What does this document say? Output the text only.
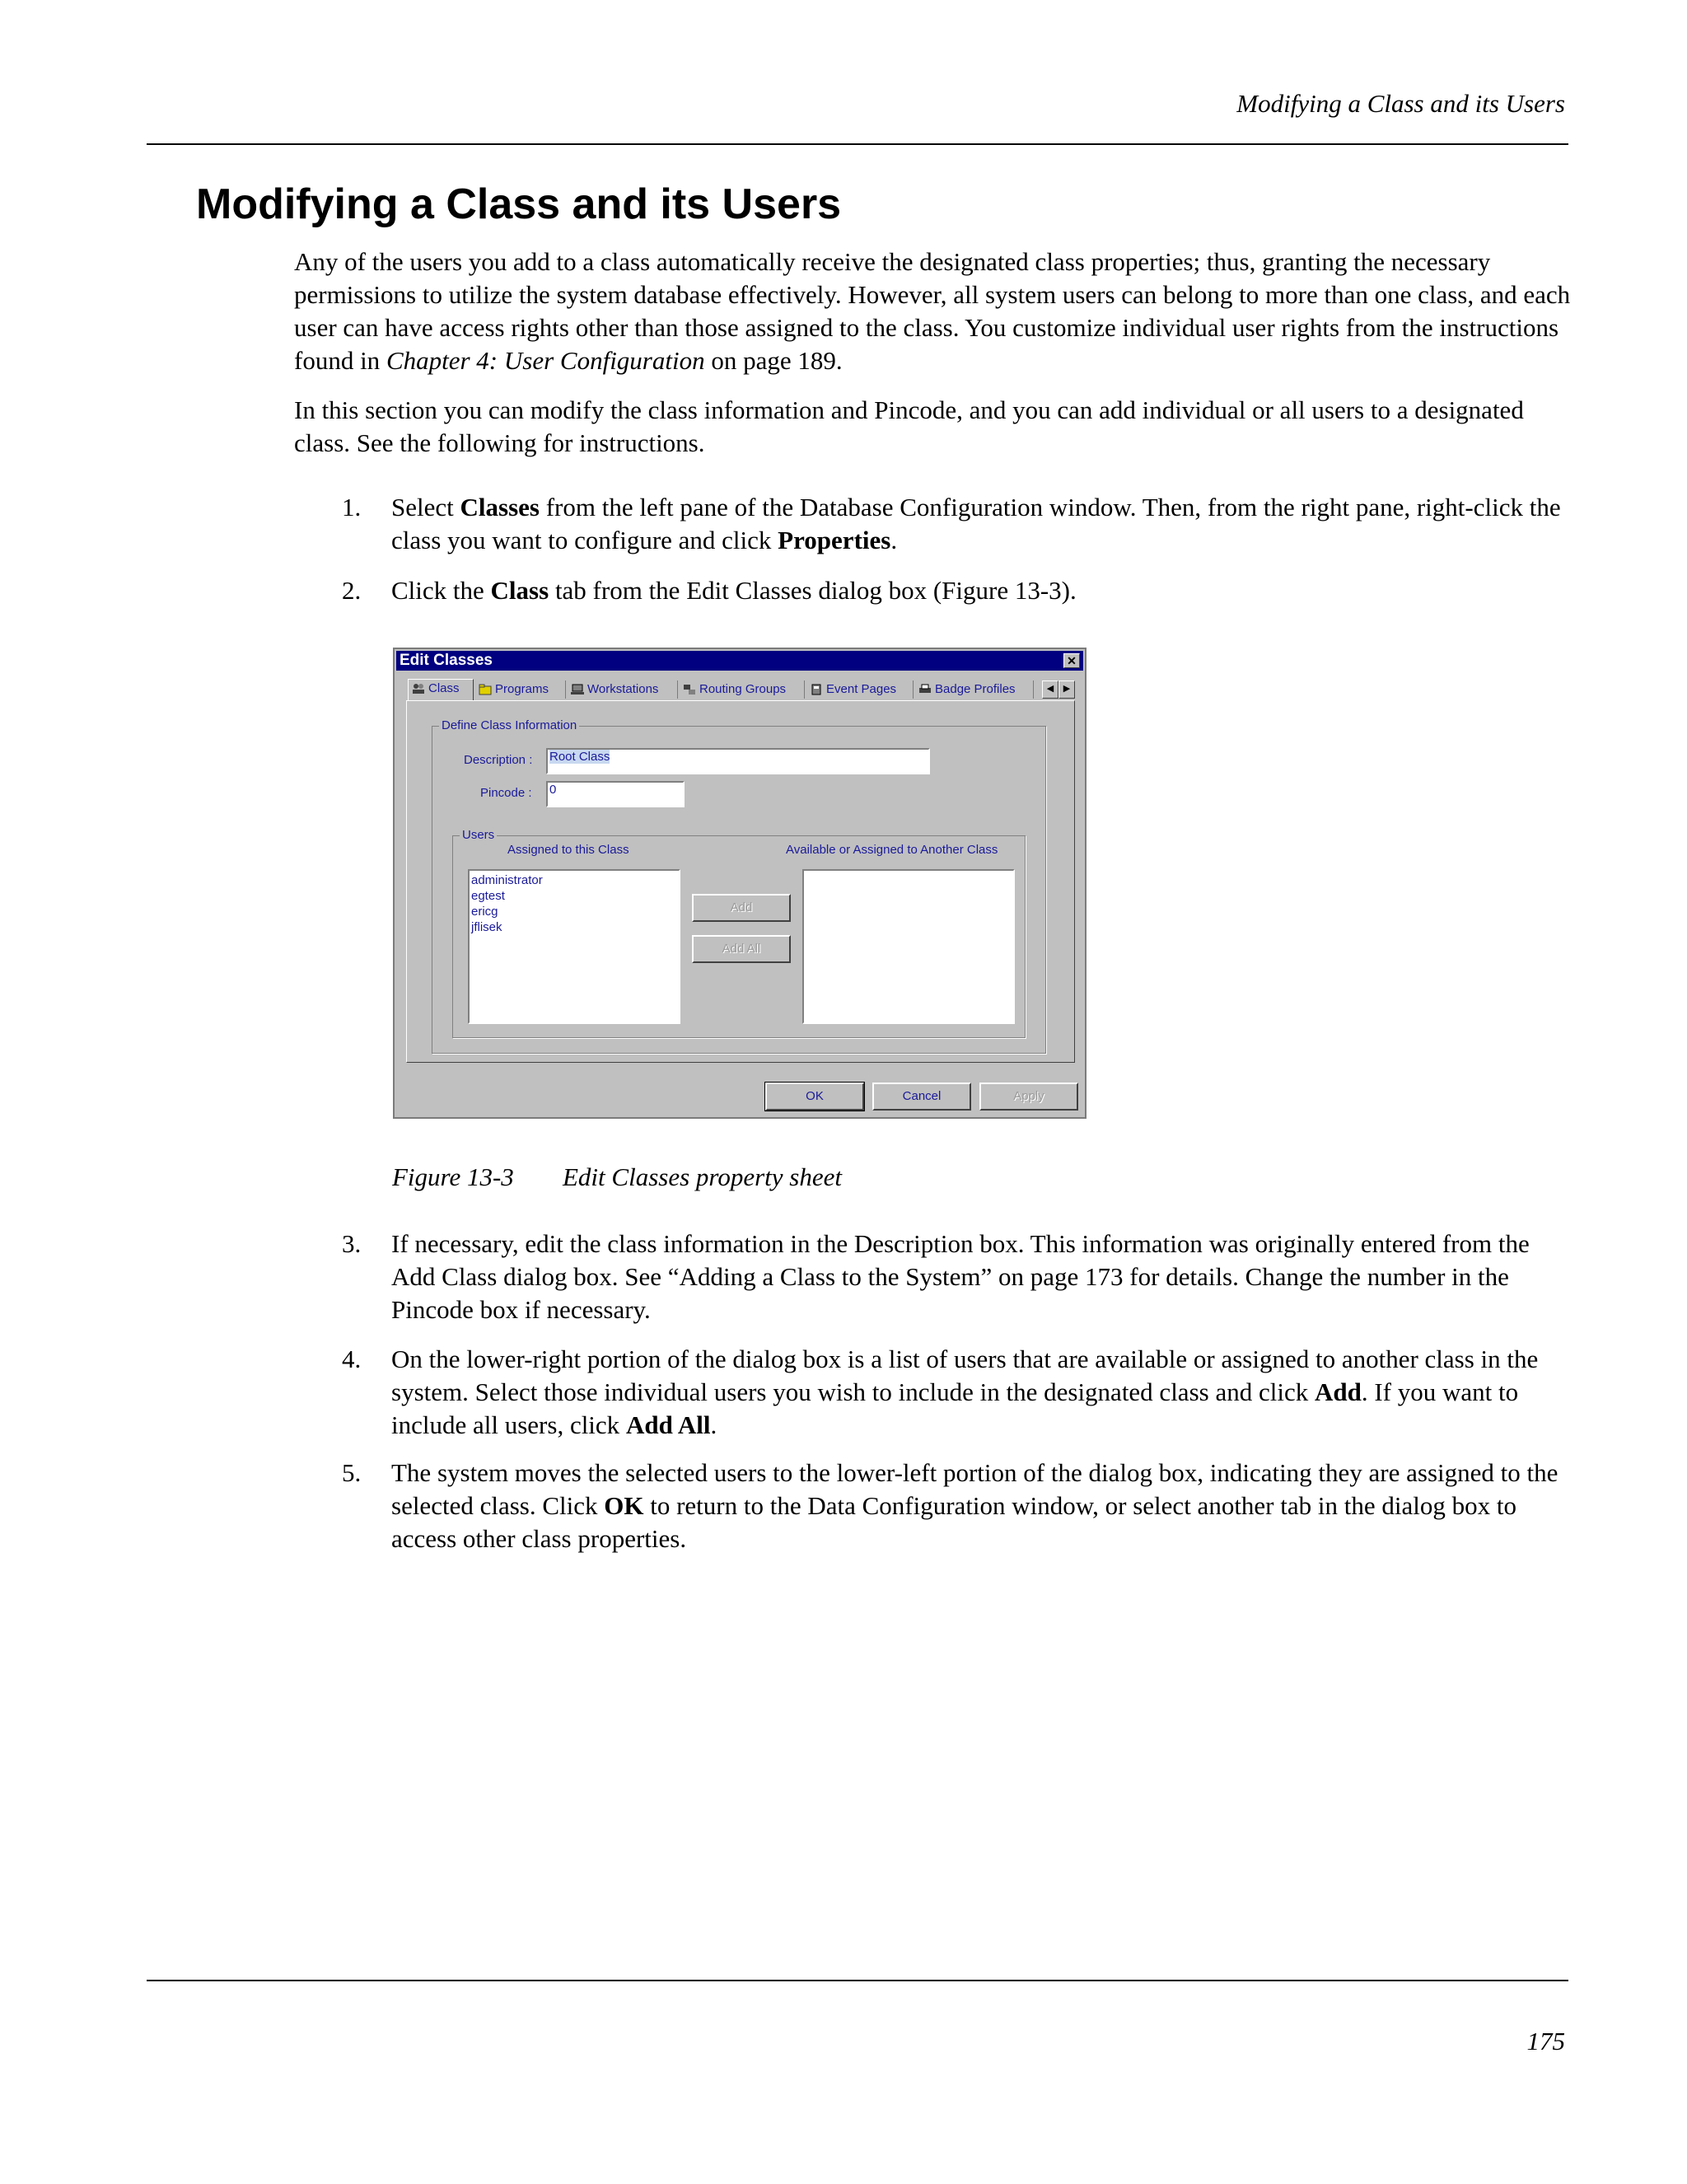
Modifying a Class and its Users
Modifying a Class and its Users

Any of the users you add to a class automatically receive the designated class properties; thus, granting the necessary permissions to utilize the system database effectively. However, all system users can belong to more than one class, and each user can have access rights other than those assigned to the class. You customize individual user rights from the instructions found in Chapter 4: User Configuration on page 189.

In this section you can modify the class information and Pincode, and you can add individual or all users to a designated class. See the following for instructions.

1. Select Classes from the left pane of the Database Configuration window. Then, from the right pane, right-click the class you want to configure and click Properties.
2. Click the Class tab from the Edit Classes dialog box (Figure 13-3).
Edit Classes	✕
Class	Programs	Workstations	Routing Groups	Event Pages	Badge Profiles	◀ ▶
Define Class Information
Description : Root Class
Pincode : 0
Users
Assigned to this Class	Available or Assigned to Another Class
administrator
egtest
ericg
jflisek
Add
Add All
OK	Cancel	Apply
Figure 13-3 Edit Classes property sheet
3. If necessary, edit the class information in the Description box. This information was originally entered from the Add Class dialog box. See “Adding a Class to the System” on page 173 for details. Change the number in the Pincode box if necessary.
4. On the lower-right portion of the dialog box is a list of users that are available or assigned to another class in the system. Select those individual users you wish to include in the designated class and click Add. If you want to include all users, click Add All.
5. The system moves the selected users to the lower-left portion of the dialog box, indicating they are assigned to the selected class. Click OK to return to the Data Configuration window, or select another tab in the dialog box to access other class properties.
175
